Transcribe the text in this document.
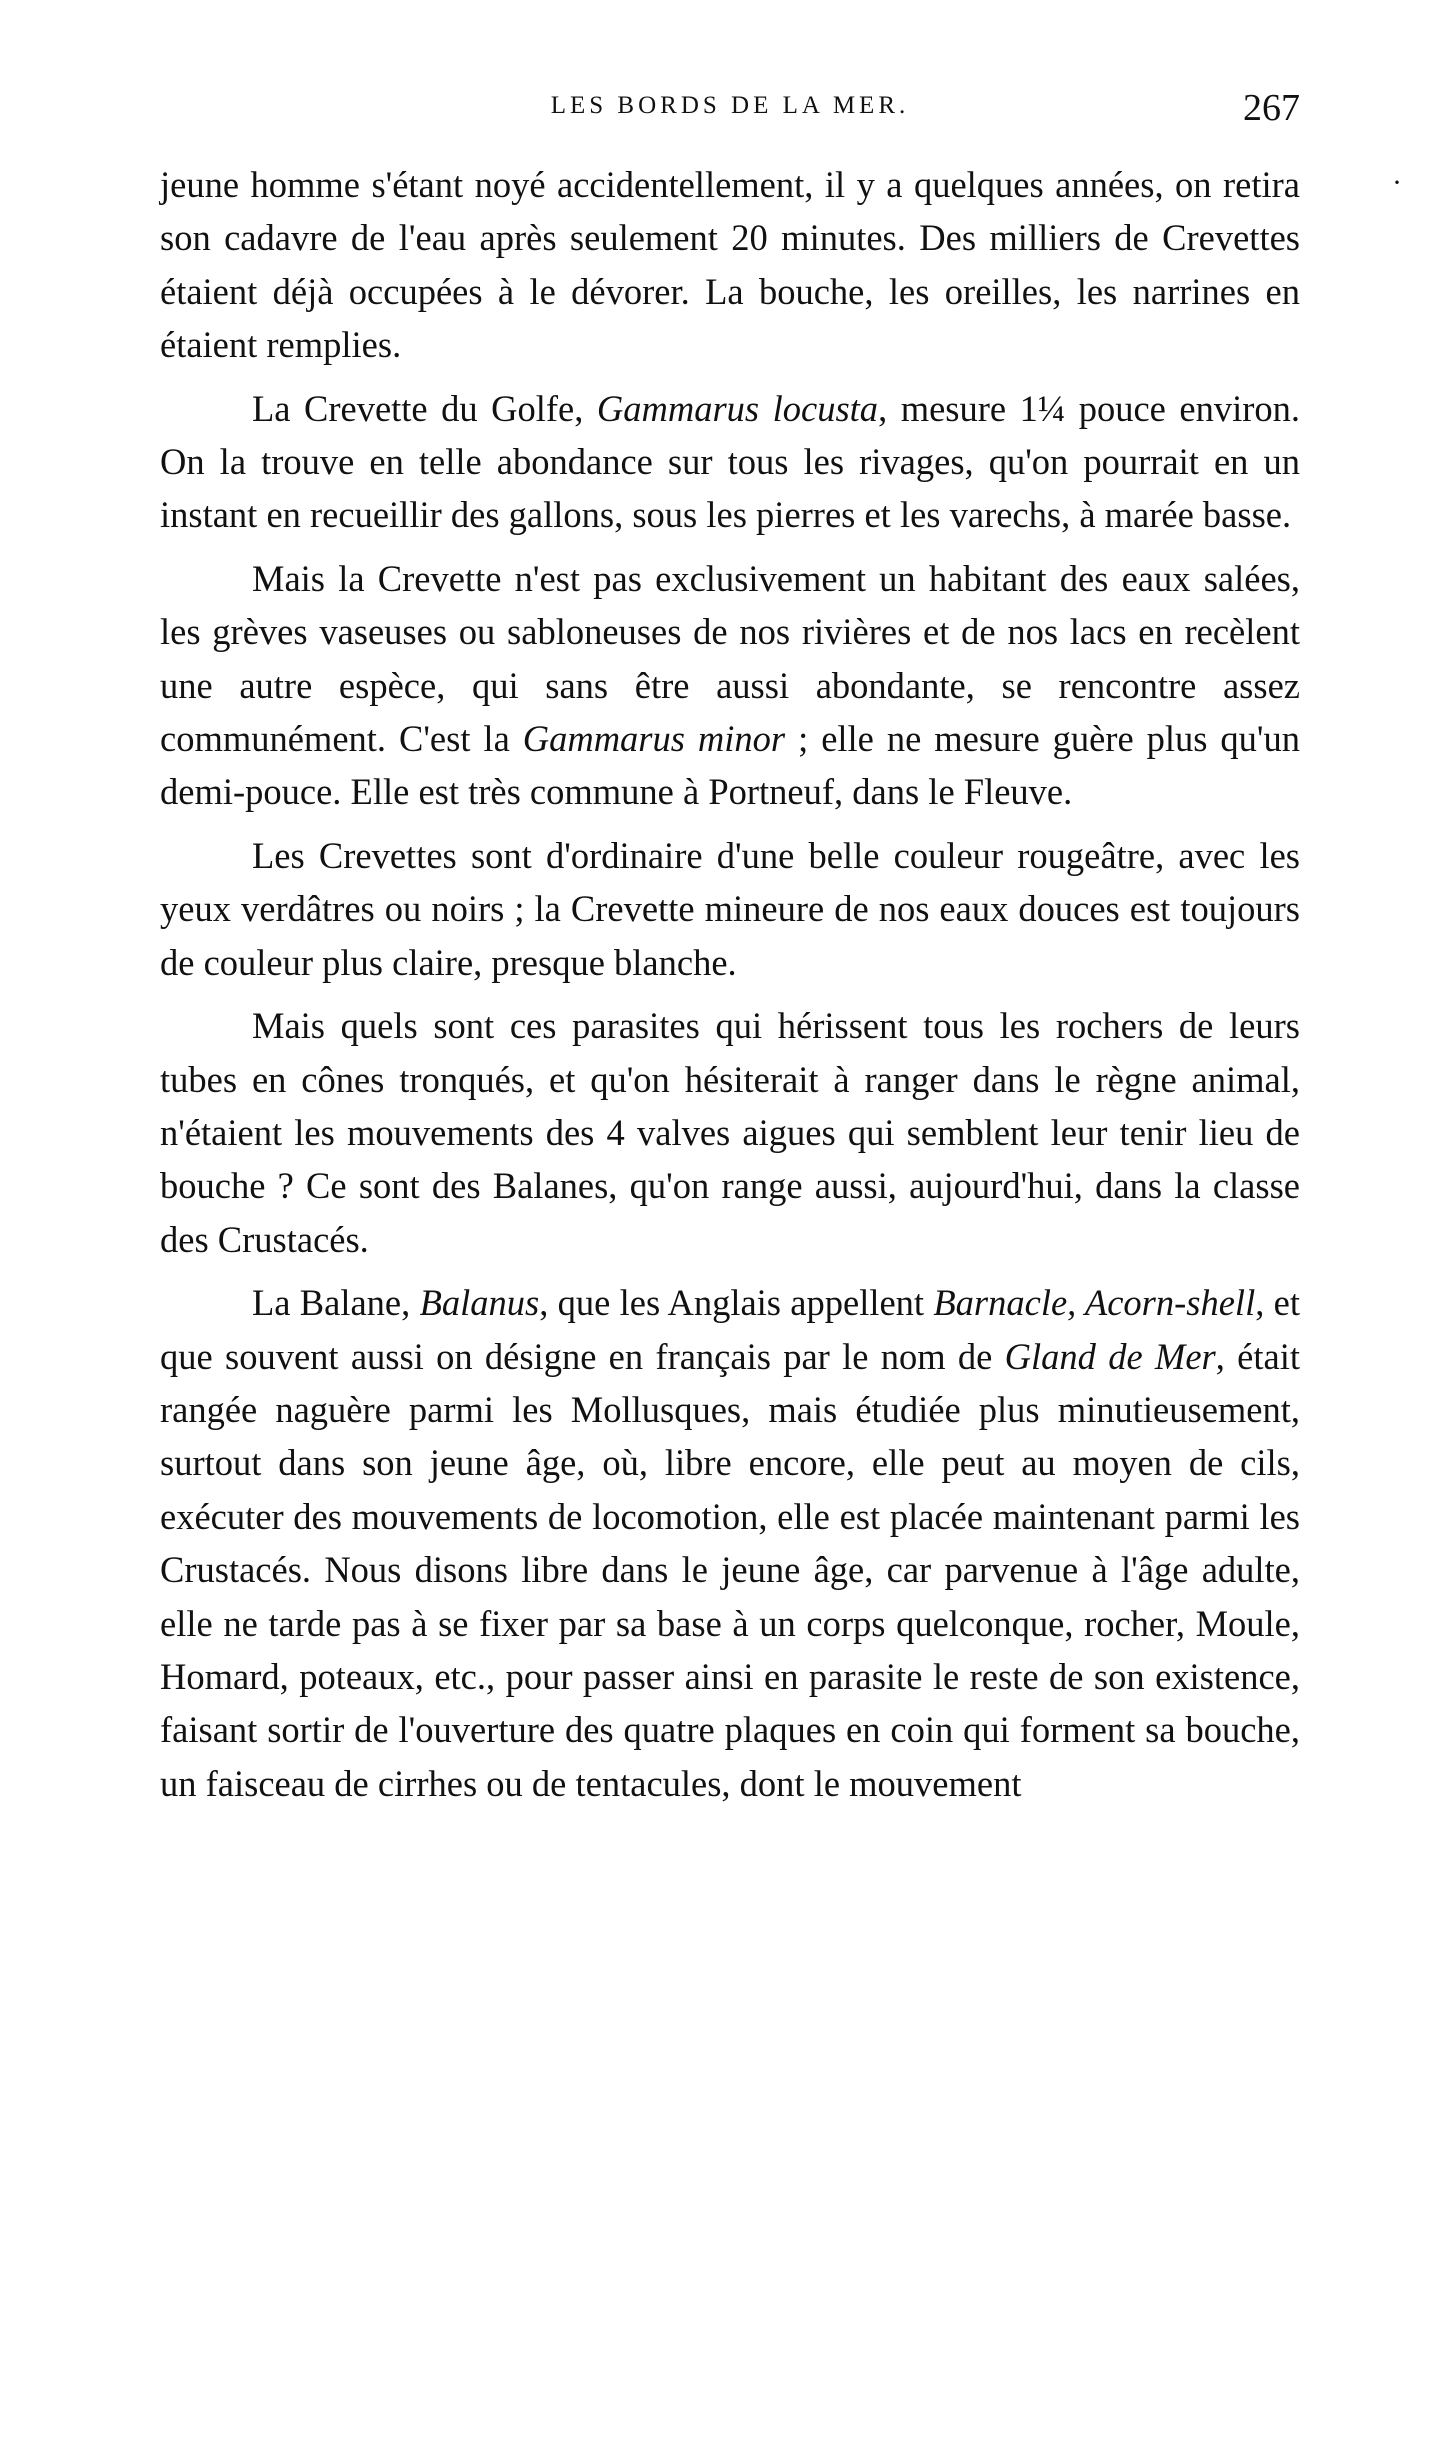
LES BORDS DE LA MER.	267
·

jeune homme s'étant noyé accidentellement, il y a quelques années, on retira son cadavre de l'eau après seulement 20 minutes. Des milliers de Crevettes étaient déjà occupées à le dévorer. La bouche, les oreilles, les narrines en étaient remplies.

La Crevette du Golfe, Gammarus locusta, mesure 1¼ pouce environ. On la trouve en telle abondance sur tous les rivages, qu'on pourrait en un instant en recueillir des gallons, sous les pierres et les varechs, à marée basse.

Mais la Crevette n'est pas exclusivement un habitant des eaux salées, les grèves vaseuses ou sabloneuses de nos rivières et de nos lacs en recèlent une autre espèce, qui sans être aussi abondante, se rencontre assez communément. C'est la Gammarus minor ; elle ne mesure guère plus qu'un demi-pouce. Elle est très commune à Portneuf, dans le Fleuve.

Les Crevettes sont d'ordinaire d'une belle couleur rougeâtre, avec les yeux verdâtres ou noirs ; la Crevette mineure de nos eaux douces est toujours de couleur plus claire, presque blanche.

Mais quels sont ces parasites qui hérissent tous les rochers de leurs tubes en cônes tronqués, et qu'on hésiterait à ranger dans le règne animal, n'étaient les mouvements des 4 valves aigues qui semblent leur tenir lieu de bouche ? Ce sont des Balanes, qu'on range aussi, aujourd'hui, dans la classe des Crustacés.

La Balane, Balanus, que les Anglais appellent Barnacle, Acorn-shell, et que souvent aussi on désigne en français par le nom de Gland de Mer, était rangée naguère parmi les Mollusques, mais étudiée plus minutieusement, surtout dans son jeune âge, où, libre encore, elle peut au moyen de cils, exécuter des mouvements de locomotion, elle est placée maintenant parmi les Crustacés. Nous disons libre dans le jeune âge, car parvenue à l'âge adulte, elle ne tarde pas à se fixer par sa base à un corps quelconque, rocher, Moule, Homard, poteaux, etc., pour passer ainsi en parasite le reste de son existence, faisant sortir de l'ouverture des quatre plaques en coin qui forment sa bouche, un faisceau de cirrhes ou de tentacules, dont le mouvement
